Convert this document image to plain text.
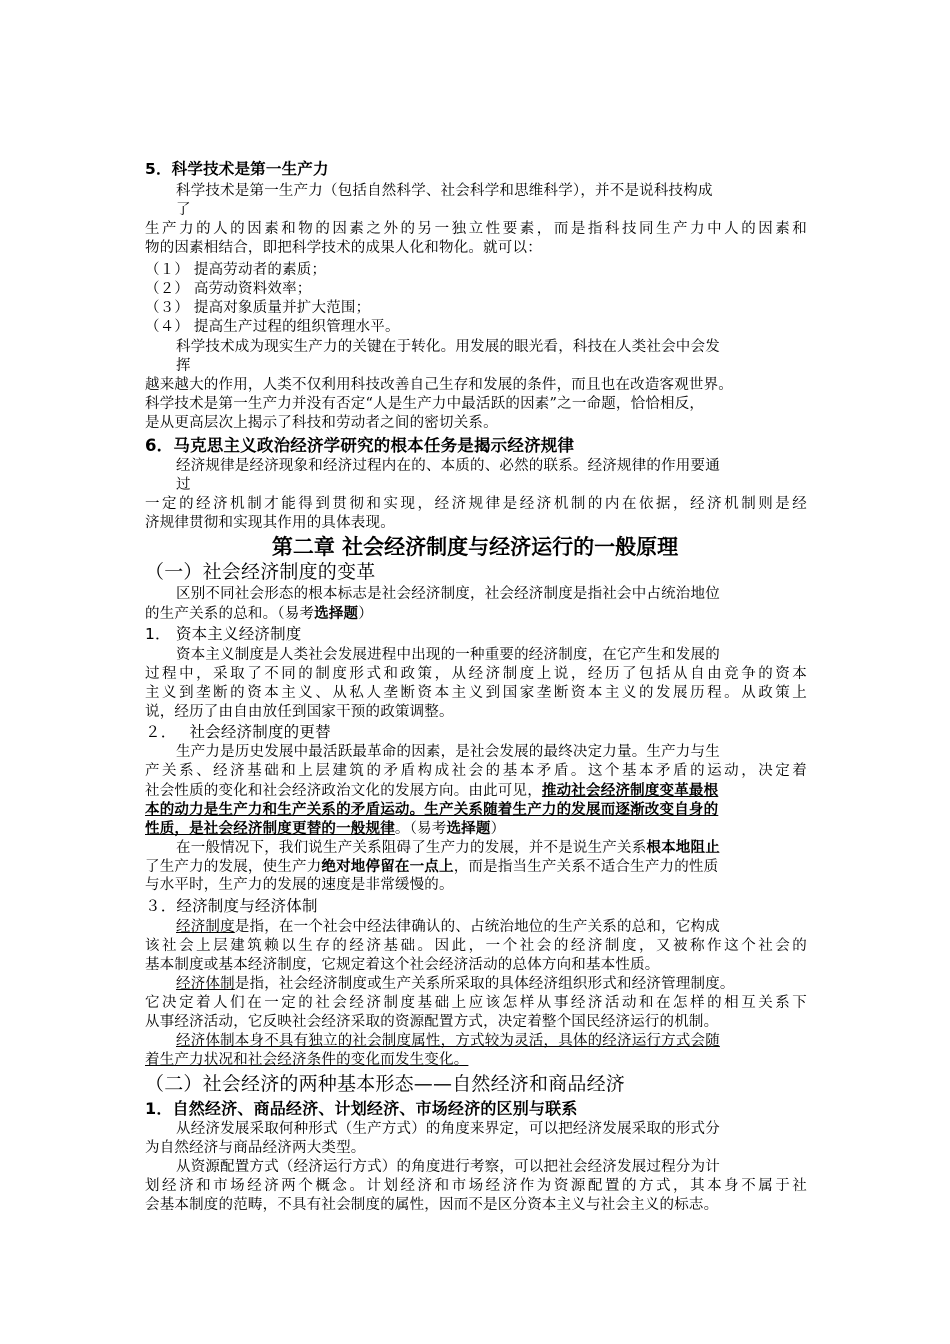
5．科学技术是第一生产力
科学技术是第一生产力（包括自然科学、社会科学和思维科学），并不是说科技构成
了
生产力的人的因素和物的因素之外的另一独立性要素，而是指科技同生产力中人的因素和
物的因素相结合，即把科学技术的成果人化和物化。就可以：
（１） 提高劳动者的素质；
（２） 高劳动资料效率；
（３） 提高对象质量并扩大范围；
（４） 提高生产过程的组织管理水平。
科学技术成为现实生产力的关键在于转化。用发展的眼光看，科技在人类社会中会发
挥
越来越大的作用，人类不仅利用科技改善自己生存和发展的条件，而且也在改造客观世界。
科学技术是第一生产力并没有否定“人是生产力中最活跃的因素”之一命题，恰恰相反，
是从更高层次上揭示了科技和劳动者之间的密切关系。
6．马克思主义政治经济学研究的根本任务是揭示经济规律
经济规律是经济现象和经济过程内在的、本质的、必然的联系。经济规律的作用要通
过
一定的经济机制才能得到贯彻和实现，经济规律是经济机制的内在依据，经济机制则是经
济规律贯彻和实现其作用的具体表现。
第二章 社会经济制度与经济运行的一般原理
（一）社会经济制度的变革
区别不同社会形态的根本标志是社会经济制度，社会经济制度是指社会中占统治地位
的生产关系的总和。（易考选择题）
1． 资本主义经济制度
资本主义制度是人类社会发展进程中出现的一种重要的经济制度，在它产生和发展的
过程中，采取了不同的制度形式和政策，从经济制度上说，经历了包括从自由竞争的资本
主义到垄断的资本主义、从私人垄断资本主义到国家垄断资本主义的发展历程。从政策上
说，经历了由自由放任到国家干预的政策调整。
２．　 社会经济制度的更替
生产力是历史发展中最活跃最革命的因素，是社会发展的最终决定力量。生产力与生
产关系、经济基础和上层建筑的矛盾构成社会的基本矛盾。这个基本矛盾的运动，决定着
社会性质的变化和社会经济政治文化的发展方向。由此可见，推动社会经济制度变革最根
本的动力是生产力和生产关系的矛盾运动。生产关系随着生产力的发展而逐渐改变自身的
性质，是社会经济制度更替的一般规律。（易考选择题）
在一般情况下，我们说生产关系阻碍了生产力的发展，并不是说生产关系根本地阻止
了生产力的发展，使生产力绝对地停留在一点上，而是指当生产关系不适合生产力的性质
与水平时，生产力的发展的速度是非常缓慢的。
３．经济制度与经济体制
经济制度是指，在一个社会中经法律确认的、占统治地位的生产关系的总和，它构成
该社会上层建筑赖以生存的经济基础。因此，一个社会的经济制度，又被称作这个社会的
基本制度或基本经济制度，它规定着这个社会经济活动的总体方向和基本性质。
经济体制是指，社会经济制度或生产关系所采取的具体经济组织形式和经济管理制度。
它决定着人们在一定的社会经济制度基础上应该怎样从事经济活动和在怎样的相互关系下
从事经济活动，它反映社会经济采取的资源配置方式，决定着整个国民经济运行的机制。
经济体制本身不具有独立的社会制度属性，方式较为灵活，具体的经济运行方式会随
着生产力状况和社会经济条件的变化而发生变化。
（二）社会经济的两种基本形态——自然经济和商品经济
1．自然经济、商品经济、计划经济、市场经济的区别与联系
从经济发展采取何种形式（生产方式）的角度来界定，可以把经济发展采取的形式分
为自然经济与商品经济两大类型。
从资源配置方式（经济运行方式）的角度进行考察，可以把社会经济发展过程分为计
划经济和市场经济两个概念。计划经济和市场经济作为资源配置的方式，其本身不属于社
会基本制度的范畴，不具有社会制度的属性，因而不是区分资本主义与社会主义的标志。
